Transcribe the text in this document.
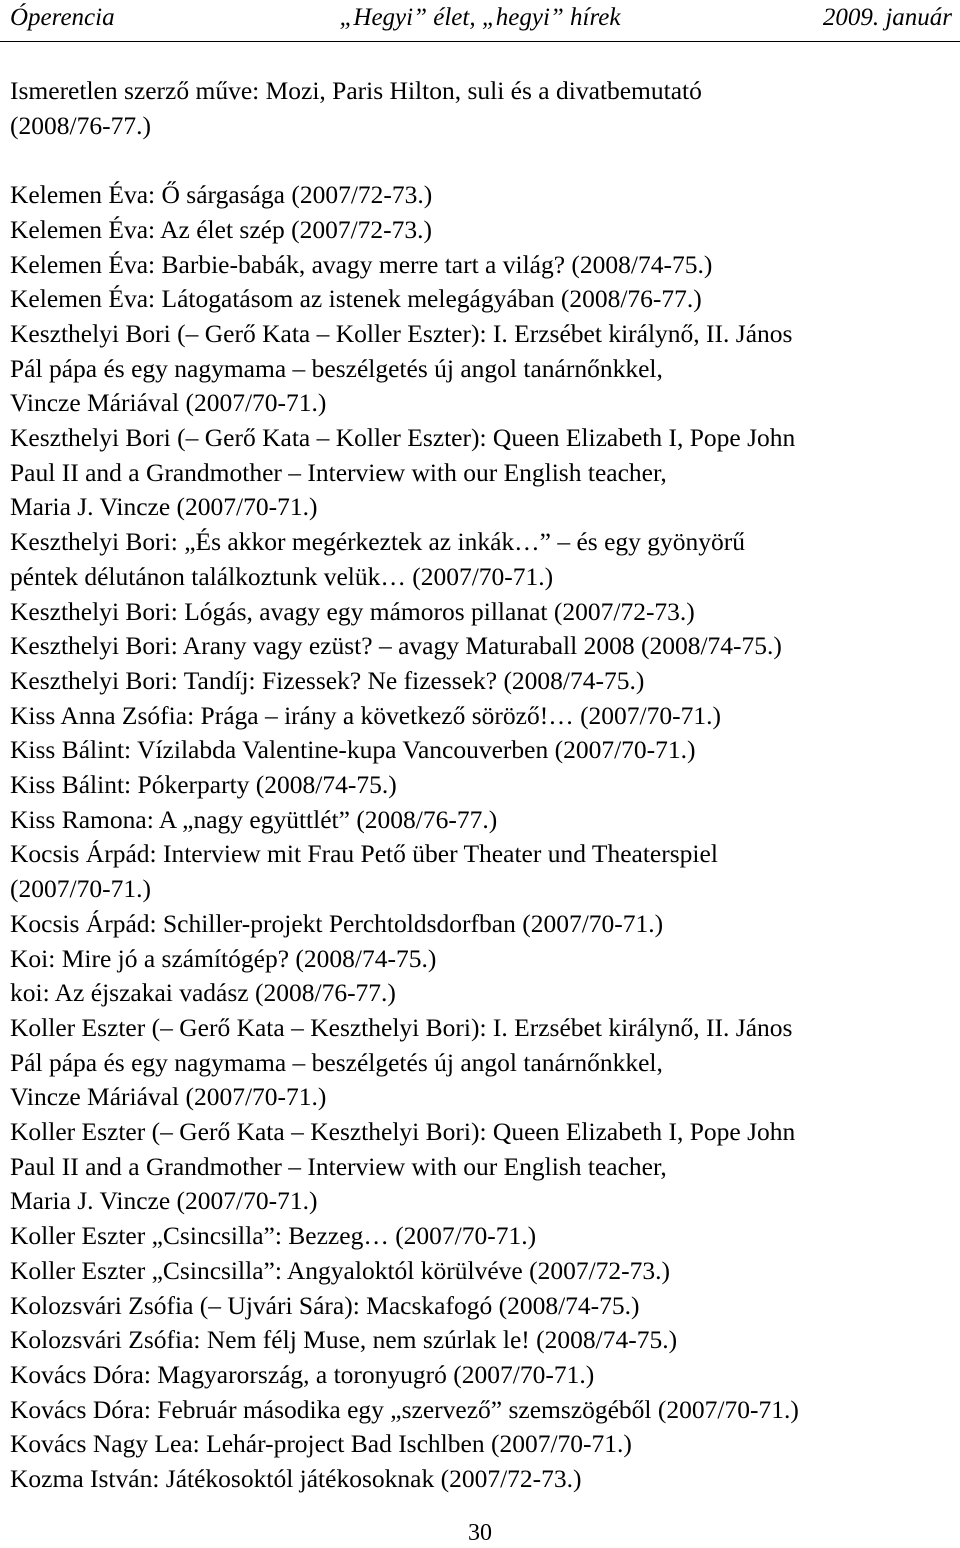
Óperencia	„Hegyi” élet, „hegyi” hírek	2009. január
Ismeretlen szerző műve: Mozi, Paris Hilton, suli és a divatbemutató
(2008/76-77.)
Kelemen Éva: Ő sárgasága (2007/72-73.)
Kelemen Éva: Az élet szép (2007/72-73.)
Kelemen Éva: Barbie-babák, avagy merre tart a világ? (2008/74-75.)
Kelemen Éva: Látogatásom az istenek melegágyában (2008/76-77.)
Keszthelyi Bori (– Gerő Kata – Koller Eszter): I. Erzsébet királynő, II. János
Pál pápa és egy nagymama – beszélgetés új angol tanárnőnkkel,
Vincze Máriával (2007/70-71.)
Keszthelyi Bori (– Gerő Kata – Koller Eszter): Queen Elizabeth I, Pope John
Paul II and a Grandmother – Interview with our English teacher,
Maria J. Vincze (2007/70-71.)
Keszthelyi Bori: „És akkor megérkeztek az inkák…” – és egy gyönyörű
péntek délutánon találkoztunk velük… (2007/70-71.)
Keszthelyi Bori: Lógás, avagy egy mámoros pillanat (2007/72-73.)
Keszthelyi Bori: Arany vagy ezüst? – avagy Maturaball 2008 (2008/74-75.)
Keszthelyi Bori: Tandíj: Fizessek? Ne fizessek? (2008/74-75.)
Kiss Anna Zsófia: Prága – irány a következő söröző!… (2007/70-71.)
Kiss Bálint: Vízilabda Valentine-kupa Vancouverben (2007/70-71.)
Kiss Bálint: Pókerparty (2008/74-75.)
Kiss Ramona: A „nagy együttlét” (2008/76-77.)
Kocsis Árpád: Interview mit Frau Pető über Theater und Theaterspiel
(2007/70-71.)
Kocsis Árpád: Schiller-projekt Perchtoldsdorfban (2007/70-71.)
Koi: Mire jó a számítógép? (2008/74-75.)
koi: Az éjszakai vadász (2008/76-77.)
Koller Eszter (– Gerő Kata – Keszthelyi Bori): I. Erzsébet királynő, II. János
Pál pápa és egy nagymama – beszélgetés új angol tanárnőnkkel,
Vincze Máriával (2007/70-71.)
Koller Eszter (– Gerő Kata – Keszthelyi Bori): Queen Elizabeth I, Pope John
Paul II and a Grandmother – Interview with our English teacher,
Maria J. Vincze (2007/70-71.)
Koller Eszter „Csincsilla”: Bezzeg… (2007/70-71.)
Koller Eszter „Csincsilla”: Angyaloktól körülvéve (2007/72-73.)
Kolozsvári Zsófia (– Ujvári Sára): Macskafogó (2008/74-75.)
Kolozsvári Zsófia: Nem félj Muse, nem szúrlak le! (2008/74-75.)
Kovács Dóra: Magyarország, a toronyugró (2007/70-71.)
Kovács Dóra: Február másodika egy „szervező” szemszögéből (2007/70-71.)
Kovács Nagy Lea: Lehár-project Bad Ischlben (2007/70-71.)
Kozma István: Játékosoktól játékosoknak (2007/72-73.)
30
